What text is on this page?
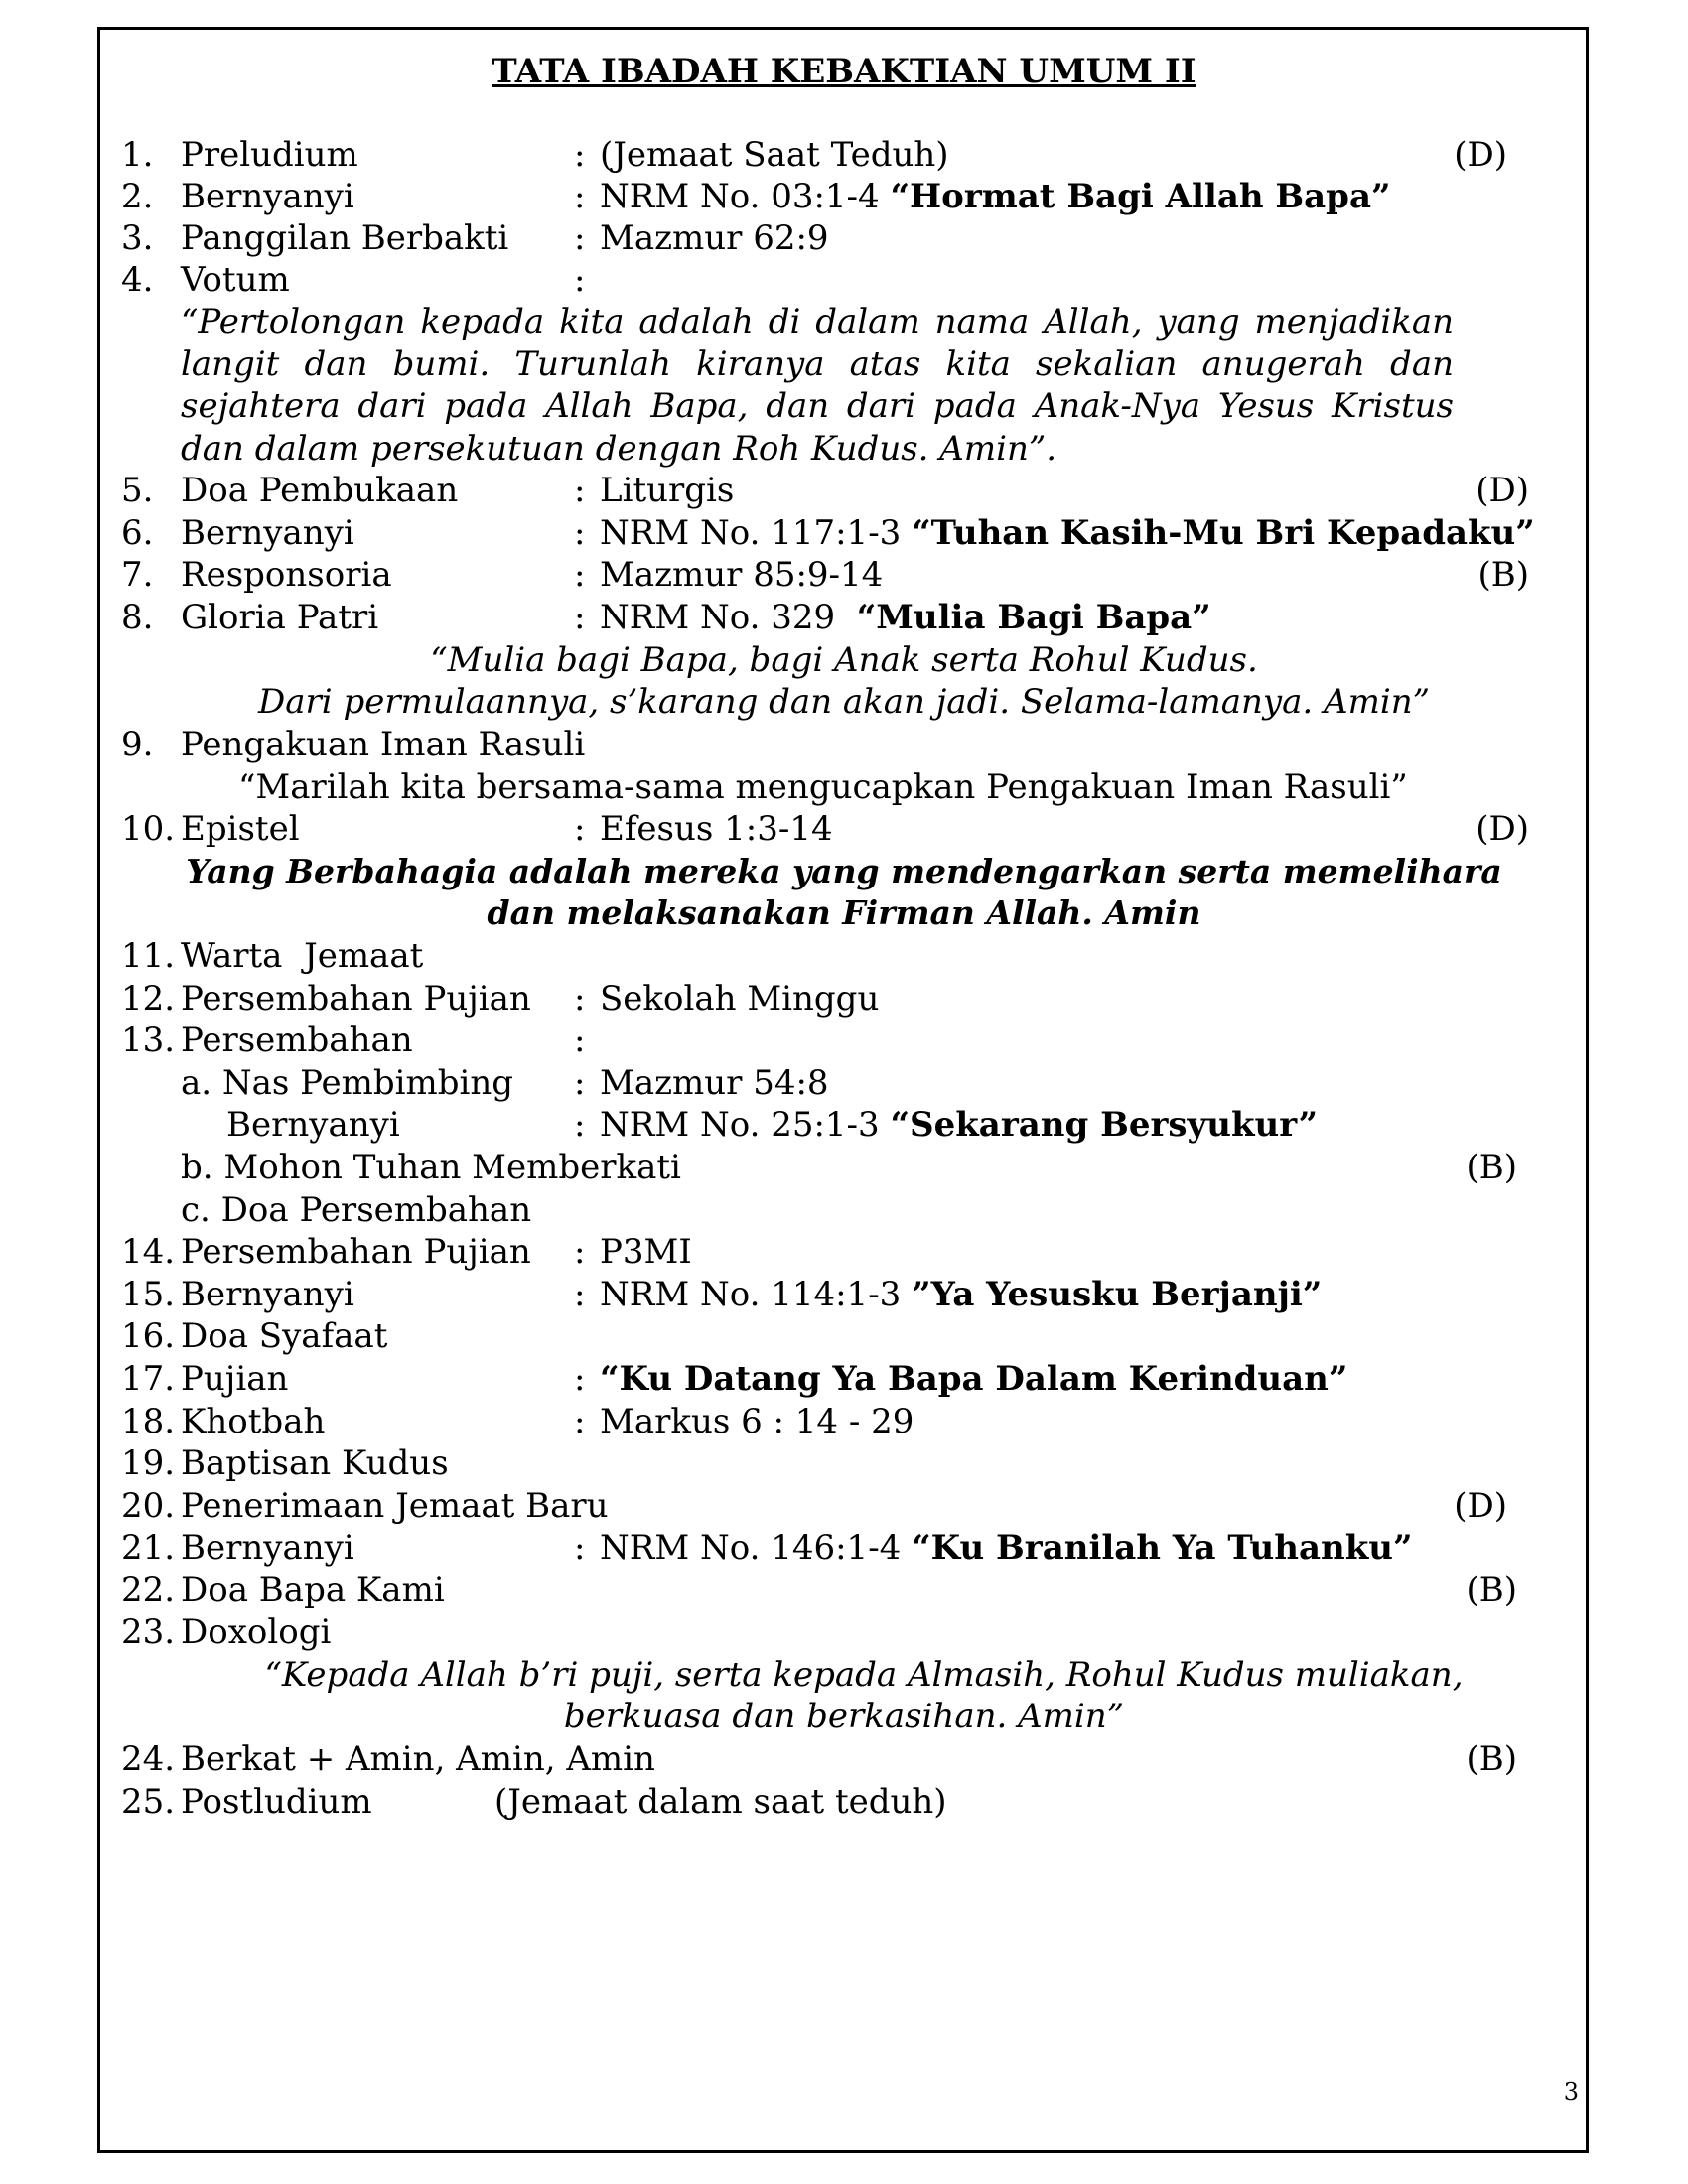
TATA IBADAH KEBAKTIAN UMUM II
1. Preludium	: (Jemaat Saat Teduh)	(D)
2. Bernyanyi	: NRM No. 03:1-4 “Hormat Bagi Allah Bapa”
3. Panggilan Berbakti : Mazmur 62:9
4. Votum	:
“Pertolongan kepada kita adalah di dalam nama Allah, yang menjadikan langit dan bumi. Turunlah kiranya atas kita sekalian anugerah dan sejahtera dari pada Allah Bapa, dan dari pada Anak-Nya Yesus Kristus dan dalam persekutuan dengan Roh Kudus. Amin”.
5. Doa Pembukaan	: Liturgis	(D)
6. Bernyanyi	: NRM No. 117:1-3 “Tuhan Kasih-Mu Bri Kepadaku”
7. Responsoria	: Mazmur 85:9-14	(B)
8. Gloria Patri	: NRM No. 329  “Mulia Bagi Bapa”
“Mulia bagi Bapa, bagi Anak serta Rohul Kudus.
Dari permulaannya, s’karang dan akan jadi. Selama-lamanya. Amin”
9. Pengakuan Iman Rasuli
“Marilah kita bersama-sama mengucapkan Pengakuan Iman Rasuli”
10. Epistel	: Efesus 1:3-14	(D)
Yang Berbahagia adalah mereka yang mendengarkan serta memelihara
dan melaksanakan Firman Allah. Amin
11. Warta  Jemaat
12. Persembahan Pujian : Sekolah Minggu
13. Persembahan	:
a. Nas Pembimbing : Mazmur 54:8
Bernyanyi	: NRM No. 25:1-3 “Sekarang Bersyukur”
b. Mohon Tuhan Memberkati	(B)
c. Doa Persembahan
14. Persembahan Pujian : P3MI
15. Bernyanyi	: NRM No. 114:1-3 ”Ya Yesusku Berjanji”
16. Doa Syafaat
17. Pujian	: “Ku Datang Ya Bapa Dalam Kerinduan”
18. Khotbah	: Markus 6 : 14 - 29
19. Baptisan Kudus
20. Penerimaan Jemaat Baru	(D)
21. Bernyanyi	: NRM No. 146:1-4 “Ku Branilah Ya Tuhanku”
22. Doa Bapa Kami	(B)
23. Doxologi
“Kepada Allah b’ri puji, serta kepada Almasih, Rohul Kudus muliakan,
berkuasa dan berkasihan. Amin”
24. Berkat + Amin, Amin, Amin	(B)
25. Postludium	(Jemaat dalam saat teduh)
3
